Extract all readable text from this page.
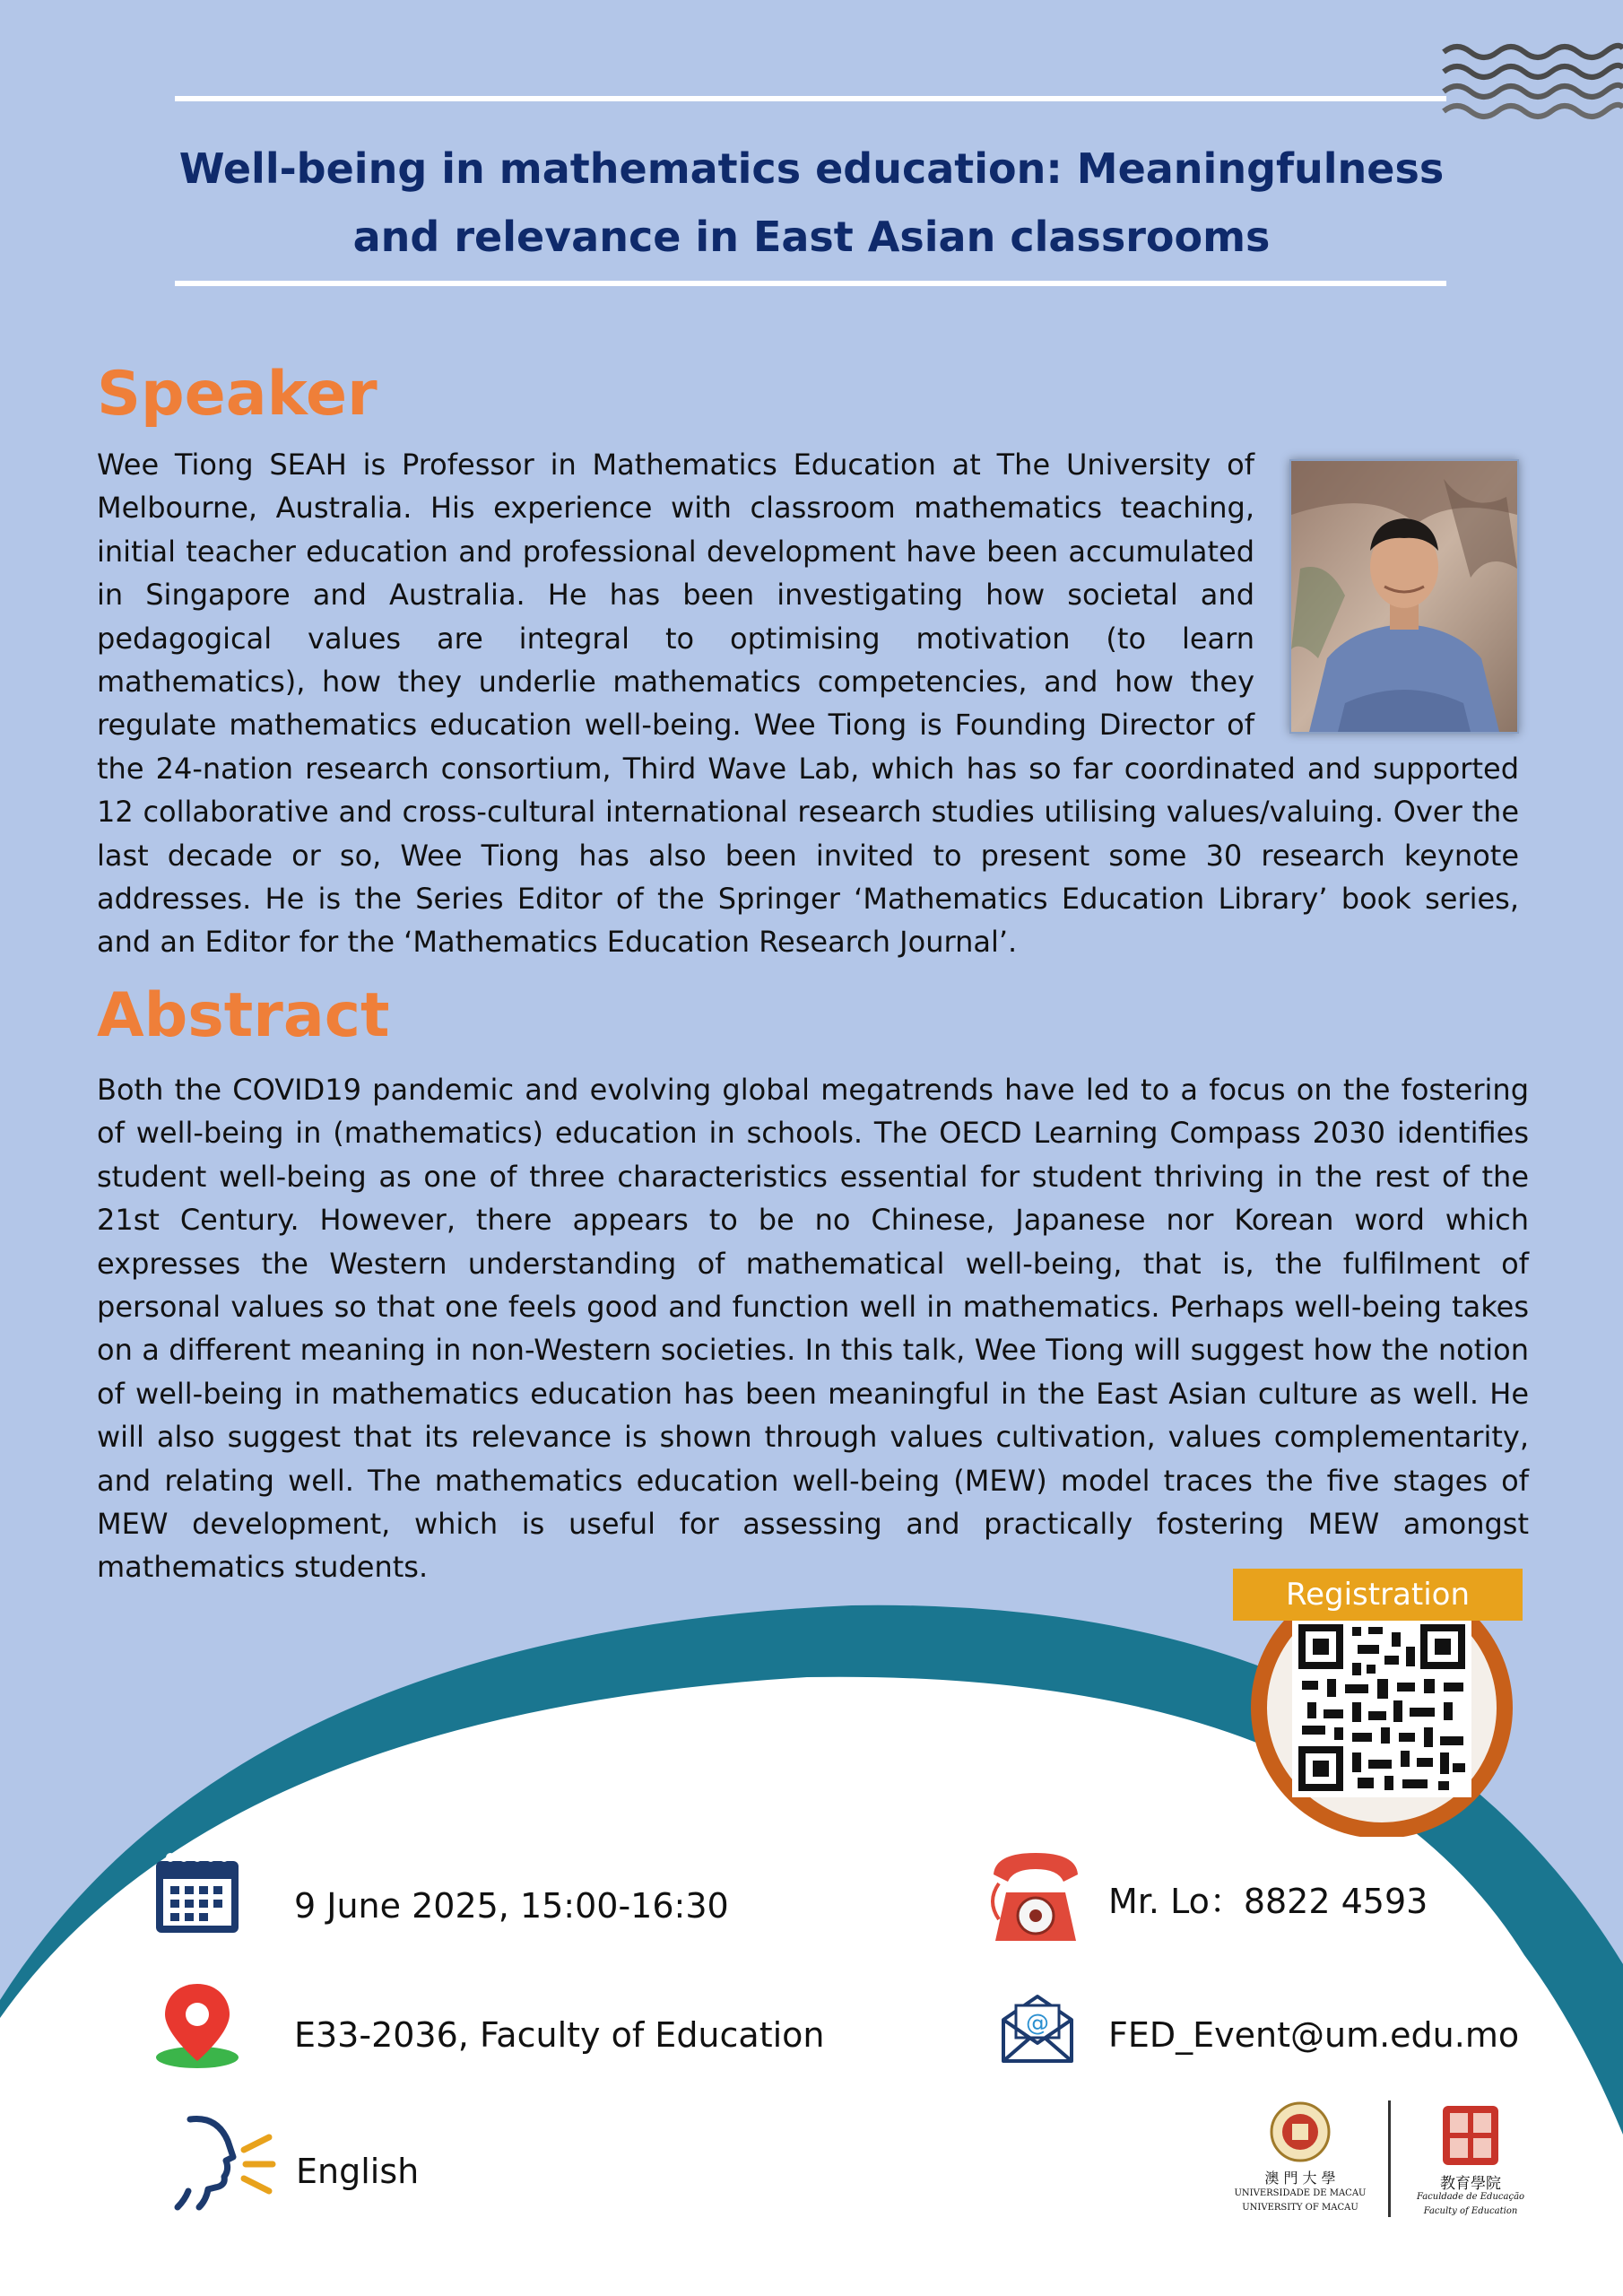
Well-being in mathematics education: Meaningfulness and relevance in East Asian classrooms
Speaker

Wee Tiong SEAH is Professor in Mathematics Education at The University of Melbourne, Australia. His experience with classroom mathematics teaching, initial teacher education and professional development have been accumulated in Singapore and Australia. He has been investigating how societal and pedagogical values are integral to optimising motivation (to learn mathematics), how they underlie mathematics competencies, and how they regulate mathematics education well-being. Wee Tiong is Founding Director of the 24-nation research consortium, Third Wave Lab, which has so far coordinated and supported 12 collaborative and cross-cultural international research studies utilising values/valuing. Over the last decade or so, Wee Tiong has also been invited to present some 30 research keynote addresses. He is the Series Editor of the Springer ‘Mathematics Education Library’ book series, and an Editor for the ‘Mathematics Education Research Journal’.

Abstract

Both the COVID19 pandemic and evolving global megatrends have led to a focus on the fostering of well-being in (mathematics) education in schools. The OECD Learning Compass 2030 identifies student well-being as one of three characteristics essential for student thriving in the rest of the 21st Century. However, there appears to be no Chinese, Japanese nor Korean word which expresses the Western understanding of mathematical well-being, that is, the fulfilment of personal values so that one feels good and function well in mathematics. Perhaps well-being takes on a different meaning in non-Western societies. In this talk, Wee Tiong will suggest how the notion of well-being in mathematics education has been meaningful in the East Asian culture as well. He will also suggest that its relevance is shown through values cultivation, values complementarity, and relating well. The mathematics education well-being (MEW) model traces the five stages of MEW development, which is useful for assessing and practically fostering MEW amongst mathematics students.

Registration
9 June 2025, 15:00-16:30
E33-2036, Faculty of Education
English
Mr. Lo：8822 4593
@ FED_Event@um.edu.mo
澳 門 大 學
UNIVERSIDADE DE MACAU
UNIVERSITY OF MACAU
教育學院
Faculdade de Educação
Faculty of Education
